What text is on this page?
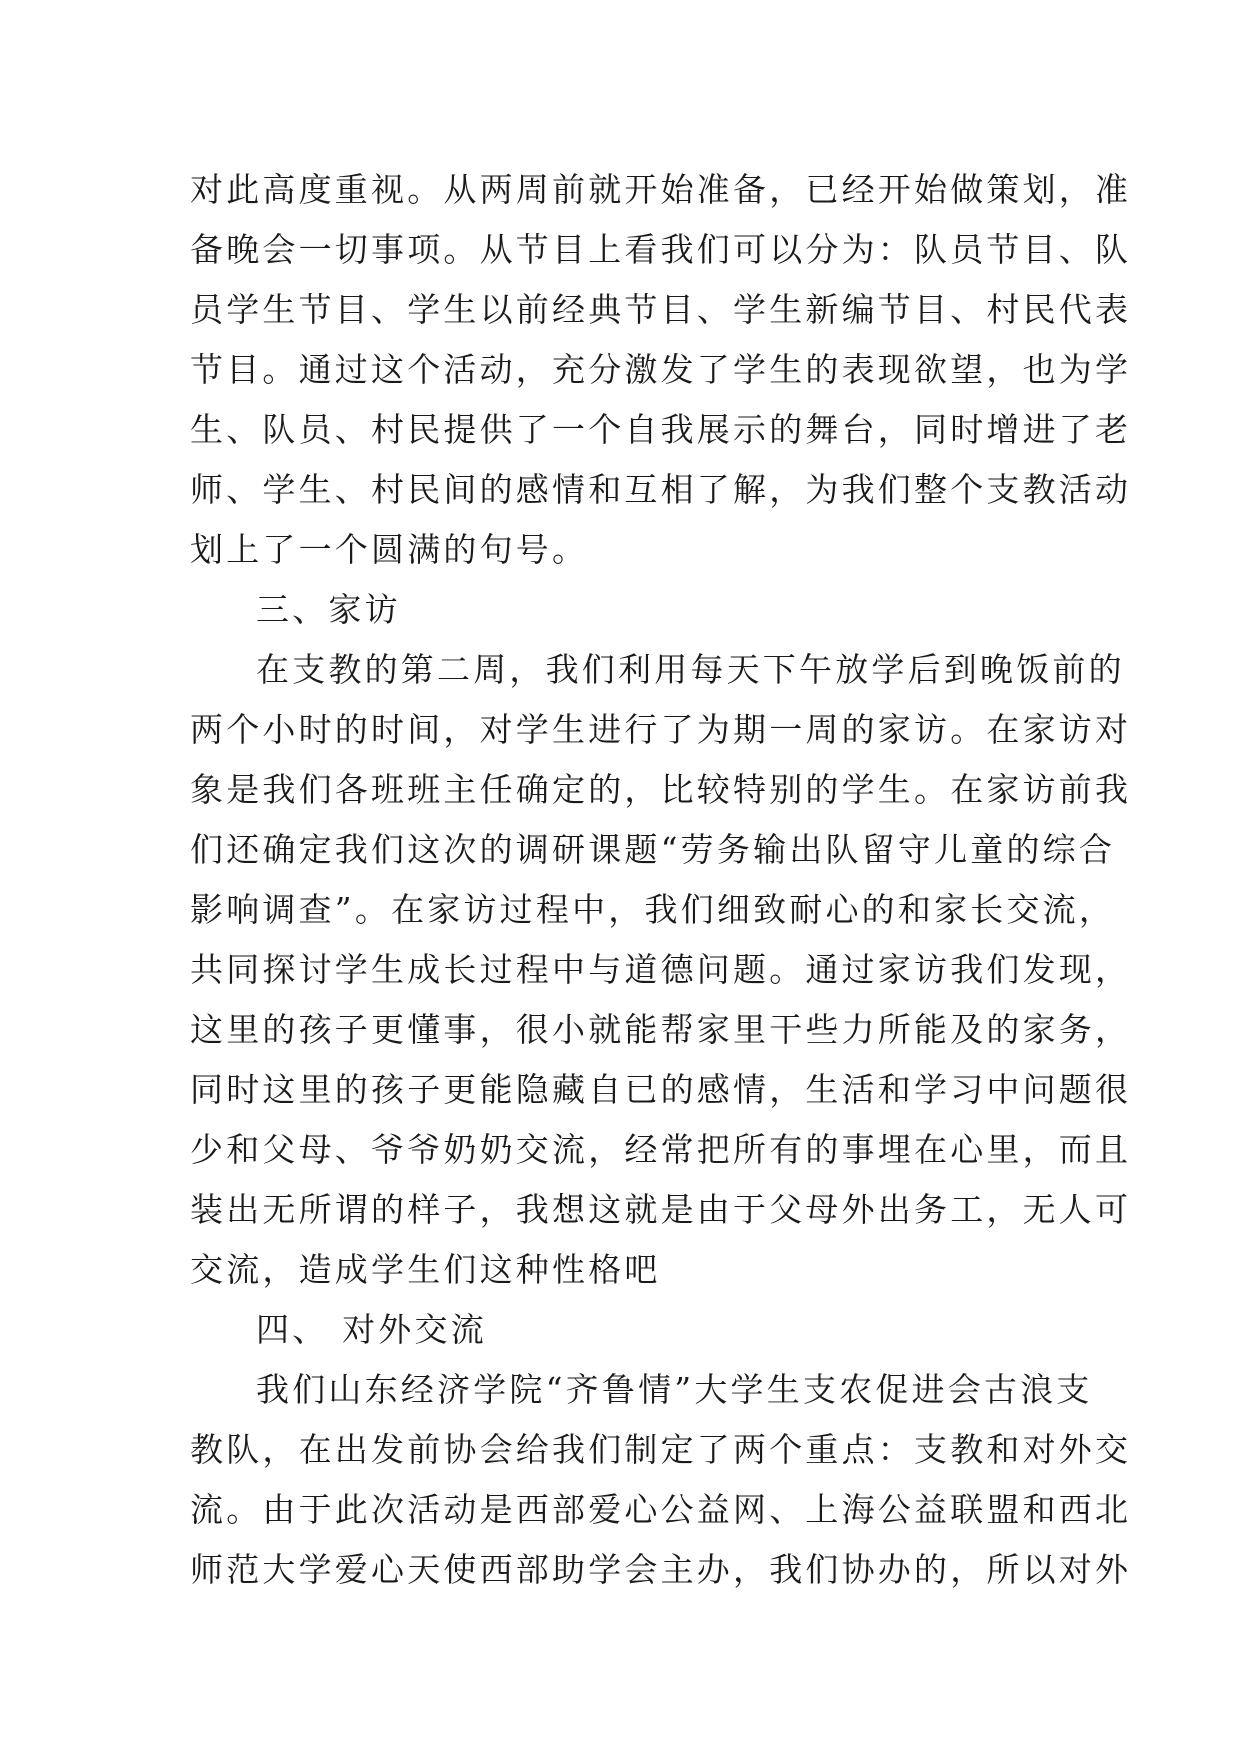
对此高度重视。从两周前就开始准备，已经开始做策划，准
备晚会一切事项。从节目上看我们可以分为：队员节目、队
员学生节目、学生以前经典节目、学生新编节目、村民代表
节目。通过这个活动，充分激发了学生的表现欲望，也为学
生、队员、村民提供了一个自我展示的舞台，同时增进了老
师、学生、村民间的感情和互相了解，为我们整个支教活动
划上了一个圆满的句号。
三、家访
在支教的第二周，我们利用每天下午放学后到晚饭前的
两个小时的时间，对学生进行了为期一周的家访。在家访对
象是我们各班班主任确定的，比较特别的学生。在家访前我
们还确定我们这次的调研课题“劳务输出队留守儿童的综合
影响调查”。在家访过程中，我们细致耐心的和家长交流，
共同探讨学生成长过程中与道德问题。通过家访我们发现，
这里的孩子更懂事，很小就能帮家里干些力所能及的家务，
同时这里的孩子更能隐藏自已的感情，生活和学习中问题很
少和父母、爷爷奶奶交流，经常把所有的事埋在心里，而且
装出无所谓的样子，我想这就是由于父母外出务工，无人可
交流，造成学生们这种性格吧
四、 对外交流
我们山东经济学院“齐鲁情”大学生支农促进会古浪支
教队，在出发前协会给我们制定了两个重点：支教和对外交
流。由于此次活动是西部爱心公益网、上海公益联盟和西北
师范大学爱心天使西部助学会主办，我们协办的，所以对外
